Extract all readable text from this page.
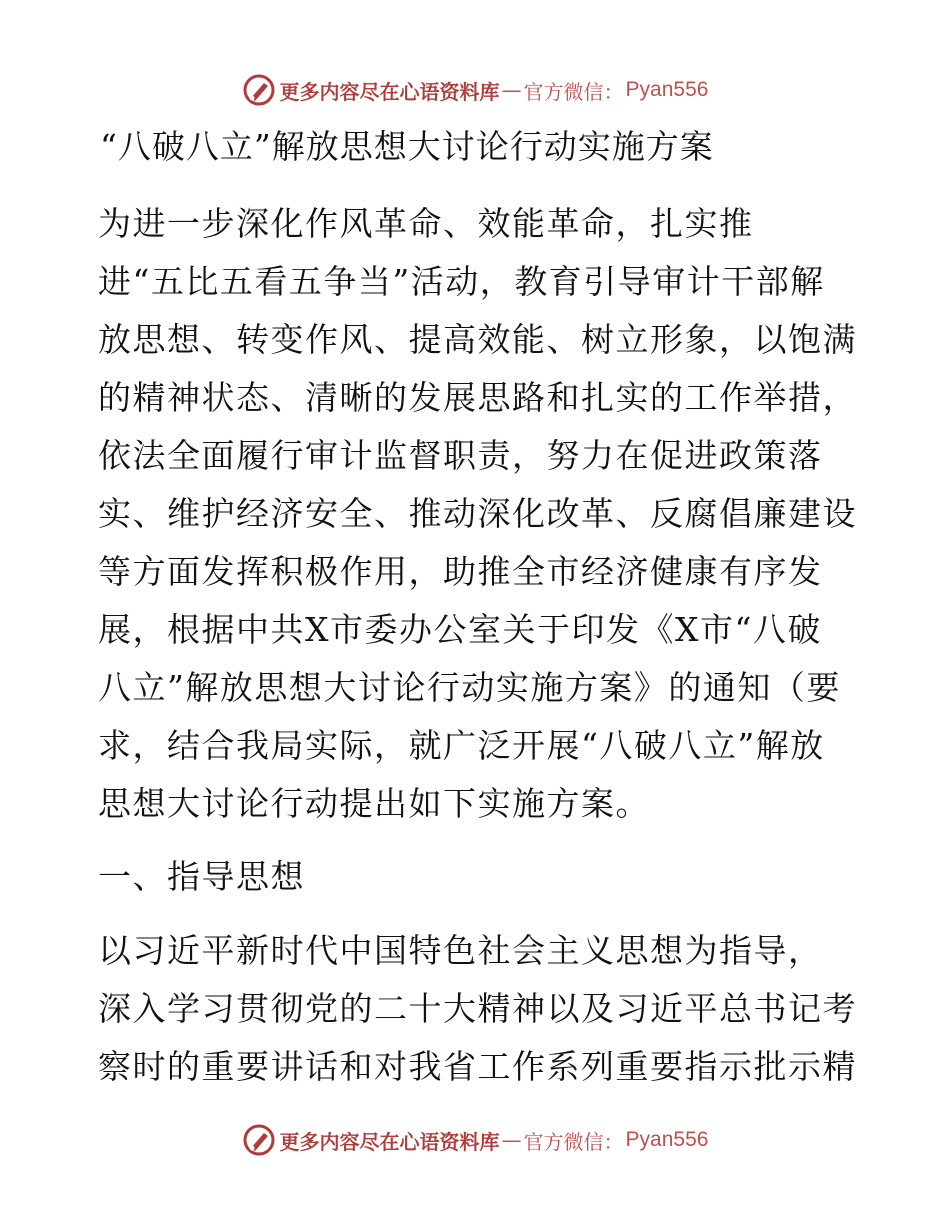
更多内容尽在心语资料库 — 官方微信： Pyan556
“八破八立”解放思想大讨论行动实施方案
为进一步深化作风革命、效能革命，扎实推
进“五比五看五争当”活动，教育引导审计干部解
放思想、转变作风、提高效能、树立形象，以饱满
的精神状态、清晰的发展思路和扎实的工作举措，
依法全面履行审计监督职责，努力在促进政策落
实、维护经济安全、推动深化改革、反腐倡廉建设
等方面发挥积极作用，助推全市经济健康有序发
展，根据中共X市委办公室关于印发《X市“八破
八立”解放思想大讨论行动实施方案》的通知（要
求，结合我局实际，就广泛开展“八破八立”解放
思想大讨论行动提出如下实施方案。
一、指导思想
以习近平新时代中国特色社会主义思想为指导，
深入学习贯彻党的二十大精神以及习近平总书记考
察时的重要讲话和对我省工作系列重要指示批示精
更多内容尽在心语资料库 — 官方微信： Pyan556
